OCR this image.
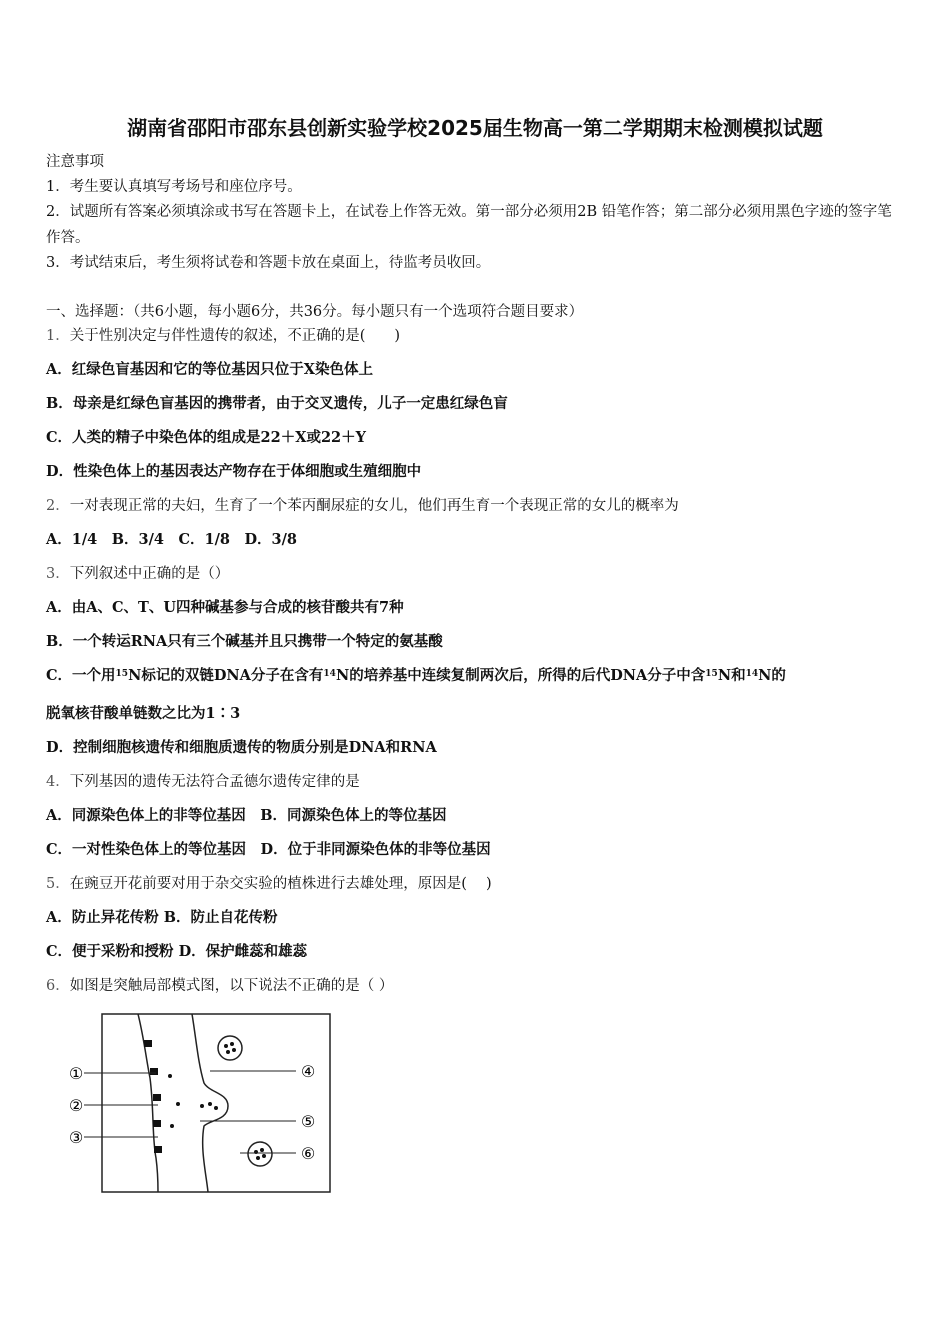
湖南省邵阳市邵东县创新实验学校2025届生物高一第二学期期末检测模拟试题
注意事项
1．考生要认真填写考场号和座位序号。
2．试题所有答案必须填涂或书写在答题卡上，在试卷上作答无效。第一部分必须用2B 铅笔作答；第二部分必须用黑色字迹的签字笔作答。
3．考试结束后，考生须将试卷和答题卡放在桌面上，待监考员收回。
一、选择题：（共6小题，每小题6分，共36分。每小题只有一个选项符合题目要求）
1．关于性别决定与伴性遗传的叙述，不正确的是(　　)
A．红绿色盲基因和它的等位基因只位于X染色体上
B．母亲是红绿色盲基因的携带者，由于交叉遗传，儿子一定患红绿色盲
C．人类的精子中染色体的组成是22＋X或22＋Y
D．性染色体上的基因表达产物存在于体细胞或生殖细胞中
2．一对表现正常的夫妇，生育了一个苯丙酮尿症的女儿，他们再生育一个表现正常的女儿的概率为
A．1/4　B．3/4　C．1/8　D．3/8
3．下列叙述中正确的是（）
A．由A、C、T、U四种碱基参与合成的核苷酸共有7种
B．一个转运RNA只有三个碱基并且只携带一个特定的氨基酸
C．一个用$^{15}$N标记的双链DNA分子在含有$^{14}$N的培养基中连续复制两次后，所得的后代DNA分子中含$^{15}$N和$^{14}$N的
脱氧核苷酸单链数之比为1∶3
D．控制细胞核遗传和细胞质遗传的物质分别是DNA和RNA
4．下列基因的遗传无法符合孟德尔遗传定律的是
A．同源染色体上的非等位基因　B．同源染色体上的等位基因
C．一对性染色体上的等位基因　D．位于非同源染色体的非等位基因
5．在豌豆开花前要对用于杂交实验的植株进行去雄处理，原因是(　 )
A．防止异花传粉 B．防止自花传粉
C．便于采粉和授粉 D．保护雌蕊和雄蕊
6．如图是突触局部模式图，以下说法不正确的是（ ）
①
②
③
④
⑤
⑥
